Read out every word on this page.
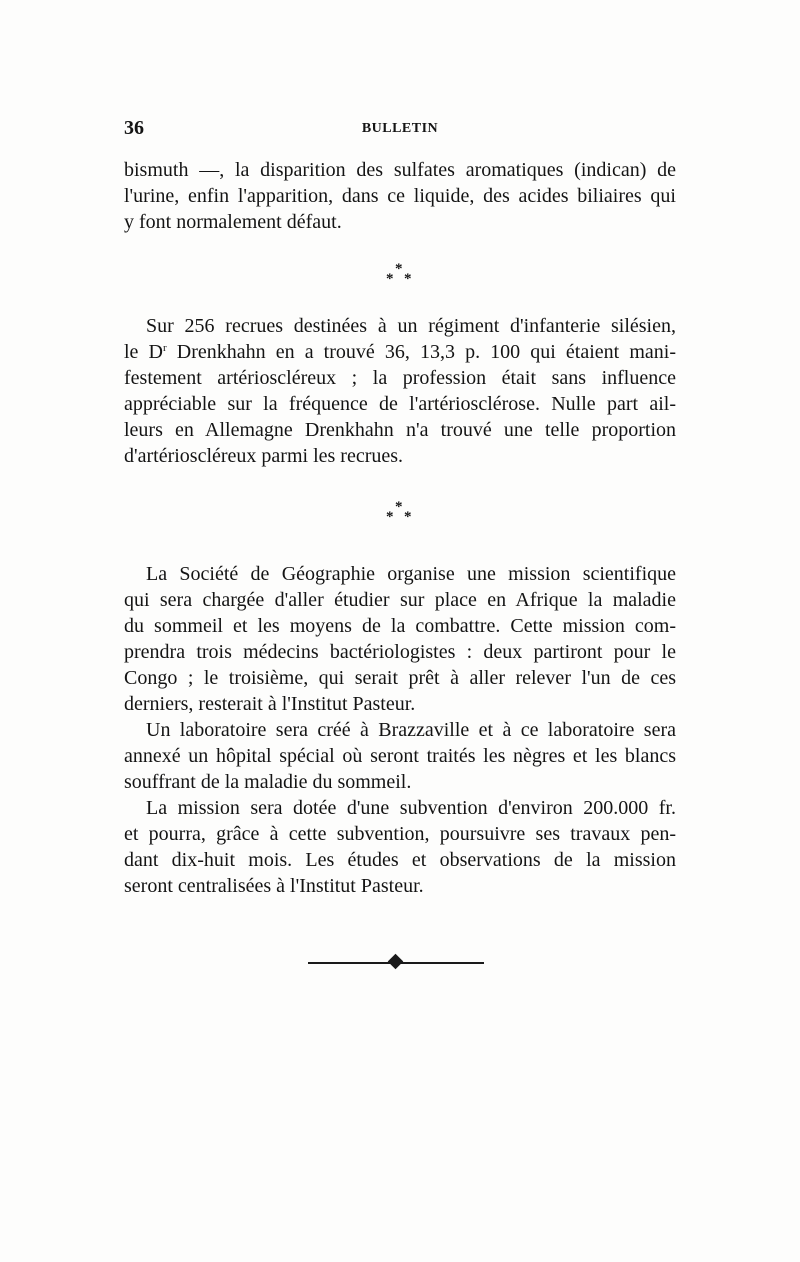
36	BULLETIN
bismuth —, la disparition des sulfates aromatiques (indican) de
l'urine, enfin l'apparition, dans ce liquide, des acides biliaires qui
y font normalement défaut.
*
* *
Sur 256 recrues destinées à un régiment d'infanterie silésien,
le $D^r$ Drenkhahn en a trouvé 36, 13,3 p. 100 qui étaient mani-
festement artérioscléreux ; la profession était sans influence
appréciable sur la fréquence de l'artériosclérose. Nulle part ail-
leurs en Allemagne Drenkhahn n'a trouvé une telle proportion
d'artérioscléreux parmi les recrues.
*
* *
La Société de Géographie organise une mission scientifique
qui sera chargée d'aller étudier sur place en Afrique la maladie
du sommeil et les moyens de la combattre. Cette mission com-
prendra trois médecins bactériologistes : deux partiront pour le
Congo ; le troisième, qui serait prêt à aller relever l'un de ces
derniers, resterait à l'Institut Pasteur.
Un laboratoire sera créé à Brazzaville et à ce laboratoire sera
annexé un hôpital spécial où seront traités les nègres et les blancs
souffrant de la maladie du sommeil.
La mission sera dotée d'une subvention d'environ 200.000 fr.
et pourra, grâce à cette subvention, poursuivre ses travaux pen-
dant dix-huit mois. Les études et observations de la mission
seront centralisées à l'Institut Pasteur.
